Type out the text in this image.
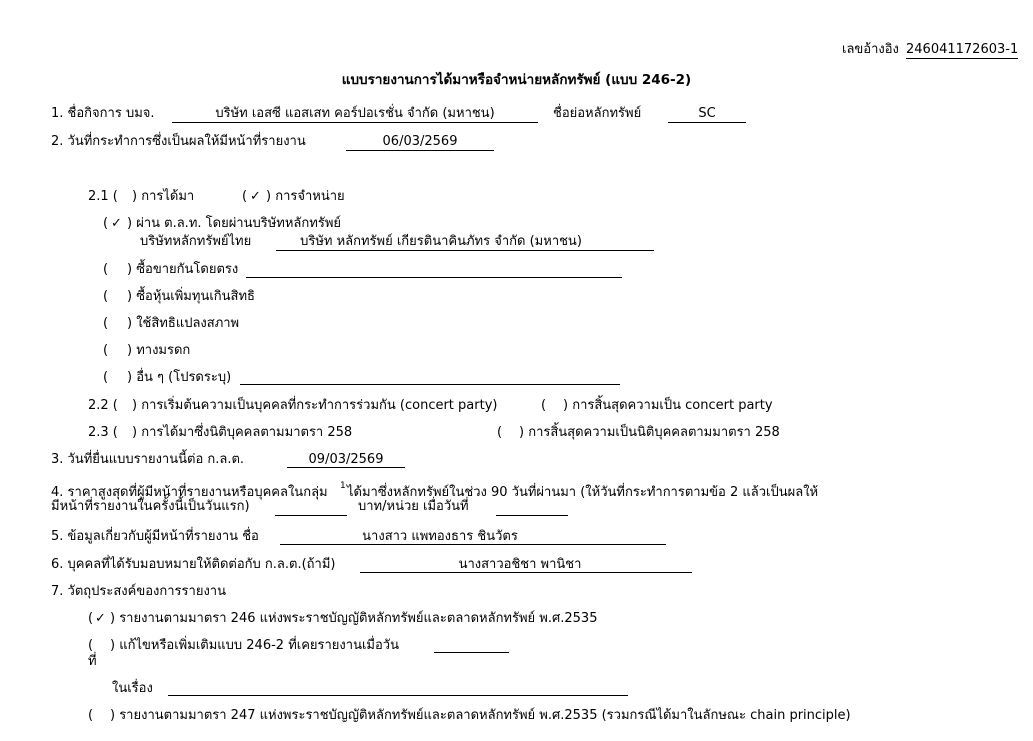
เลขอ้างอิง 246041172603-1
แบบรายงานการได้มาหรือจำหน่ายหลักทรัพย์ (แบบ 246-2)
1. ชื่อกิจการ บมจ.	บริษัท เอสซี แอสเสท คอร์ปอเรชั่น จำกัด (มหาชน)	ชื่อย่อหลักทรัพย์	SC
2. วันที่กระทำการซึ่งเป็นผลให้มีหน้าที่รายงาน	06/03/2569
2.1 ( ) การได้มา	( ✓ ) การจำหน่าย
( ✓ ) ผ่าน ต.ล.ท. โดยผ่านบริษัทหลักทรัพย์
บริษัทหลักทรัพย์ไทย	บริษัท หลักทรัพย์ เกียรตินาคินภัทร จำกัด (มหาชน)
( ) ซื้อขายกันโดยตรง
( ) ซื้อหุ้นเพิ่มทุนเกินสิทธิ
( ) ใช้สิทธิแปลงสภาพ
( ) ทางมรดก
( ) อื่น ๆ (โปรดระบุ)
2.2 ( ) การเริ่มต้นความเป็นบุคคลที่กระทำการร่วมกัน (concert party)	( ) การสิ้นสุดความเป็น concert party
2.3 ( ) การได้มาซึ่งนิติบุคคลตามมาตรา 258	( ) การสิ้นสุดความเป็นนิติบุคคลตามมาตรา 258
3. วันที่ยื่นแบบรายงานนี้ต่อ ก.ล.ต.	09/03/2569
4. ราคาสูงสุดที่ผู้มีหน้าที่รายงานหรือบุคคลในกลุ่ม 1 ได้มาซึ่งหลักทรัพย์ในช่วง 90 วันที่ผ่านมา (ให้วันที่กระทำการตามข้อ 2 แล้วเป็นผลให้
มีหน้าที่รายงานในครั้งนี้เป็นวันแรก)	บาท/หน่วย เมื่อวันที่
5. ข้อมูลเกี่ยวกับผู้มีหน้าที่รายงาน ชื่อ	นางสาว แพทองธาร ชินวัตร
6. บุคคลที่ได้รับมอบหมายให้ติดต่อกับ ก.ล.ต.(ถ้ามี)	นางสาวอชิชา พานิชา
7. วัตถุประสงค์ของการรายงาน
( ✓ ) รายงานตามมาตรา 246 แห่งพระราชบัญญัติหลักทรัพย์และตลาดหลักทรัพย์ พ.ศ.2535
( ) แก้ไขหรือเพิ่มเติมแบบ 246-2 ที่เคยรายงานเมื่อวัน
ที่
ในเรื่อง
( ) รายงานตามมาตรา 247 แห่งพระราชบัญญัติหลักทรัพย์และตลาดหลักทรัพย์ พ.ศ.2535 (รวมกรณีได้มาในลักษณะ chain principle)
